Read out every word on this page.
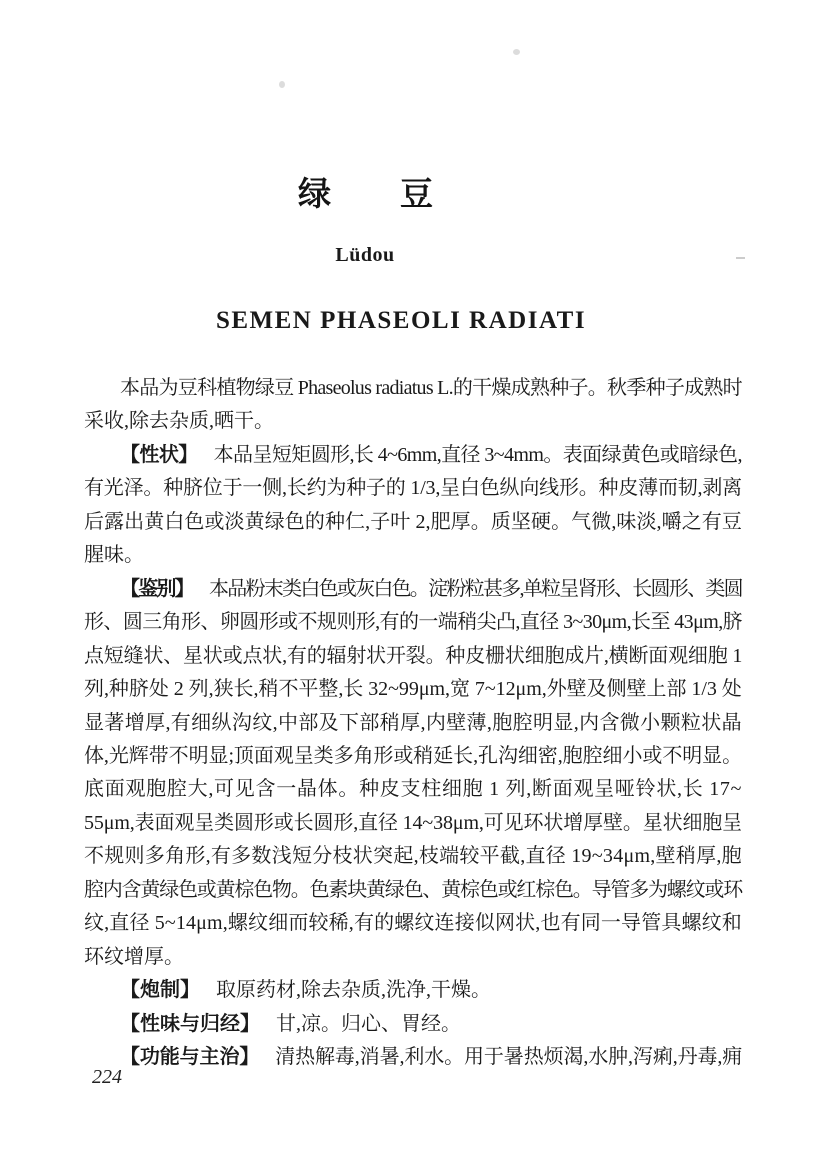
绿　　豆
Lüdou
SEMEN PHASEOLI RADIATI
本品为豆科植物绿豆 Phaseolus radiatus L.的干燥成熟种子。秋季种子成熟时
采收,除去杂质,晒干。
【性状】 本品呈短矩圆形,长 4~6mm,直径 3~4mm。表面绿黄色或暗绿色,
有光泽。种脐位于一侧,长约为种子的 1/3,呈白色纵向线形。种皮薄而韧,剥离
后露出黄白色或淡黄绿色的种仁,子叶 2,肥厚。质坚硬。气微,味淡,嚼之有豆
腥味。
【鉴别】 本品粉末类白色或灰白色。淀粉粒甚多,单粒呈肾形、长圆形、类圆
形、圆三角形、卵圆形或不规则形,有的一端稍尖凸,直径 3~30μm,长至 43μm,脐
点短缝状、星状或点状,有的辐射状开裂。种皮栅状细胞成片,横断面观细胞 1
列,种脐处 2 列,狭长,稍不平整,长 32~99μm,宽 7~12μm,外壁及侧壁上部 1/3 处
显著增厚,有细纵沟纹,中部及下部稍厚,内壁薄,胞腔明显,内含微小颗粒状晶
体,光辉带不明显;顶面观呈类多角形或稍延长,孔沟细密,胞腔细小或不明显。
底面观胞腔大,可见含一晶体。种皮支柱细胞 1 列,断面观呈哑铃状,长 17~
55μm,表面观呈类圆形或长圆形,直径 14~38μm,可见环状增厚壁。星状细胞呈
不规则多角形,有多数浅短分枝状突起,枝端较平截,直径 19~34μm,壁稍厚,胞
腔内含黄绿色或黄棕色物。色素块黄绿色、黄棕色或红棕色。导管多为螺纹或环
纹,直径 5~14μm,螺纹细而较稀,有的螺纹连接似网状,也有同一导管具螺纹和
环纹增厚。
【炮制】 取原药材,除去杂质,洗净,干燥。
【性味与归经】 甘,凉。归心、胃经。
【功能与主治】 清热解毒,消暑,利水。用于暑热烦渴,水肿,泻痢,丹毒,痈
224
